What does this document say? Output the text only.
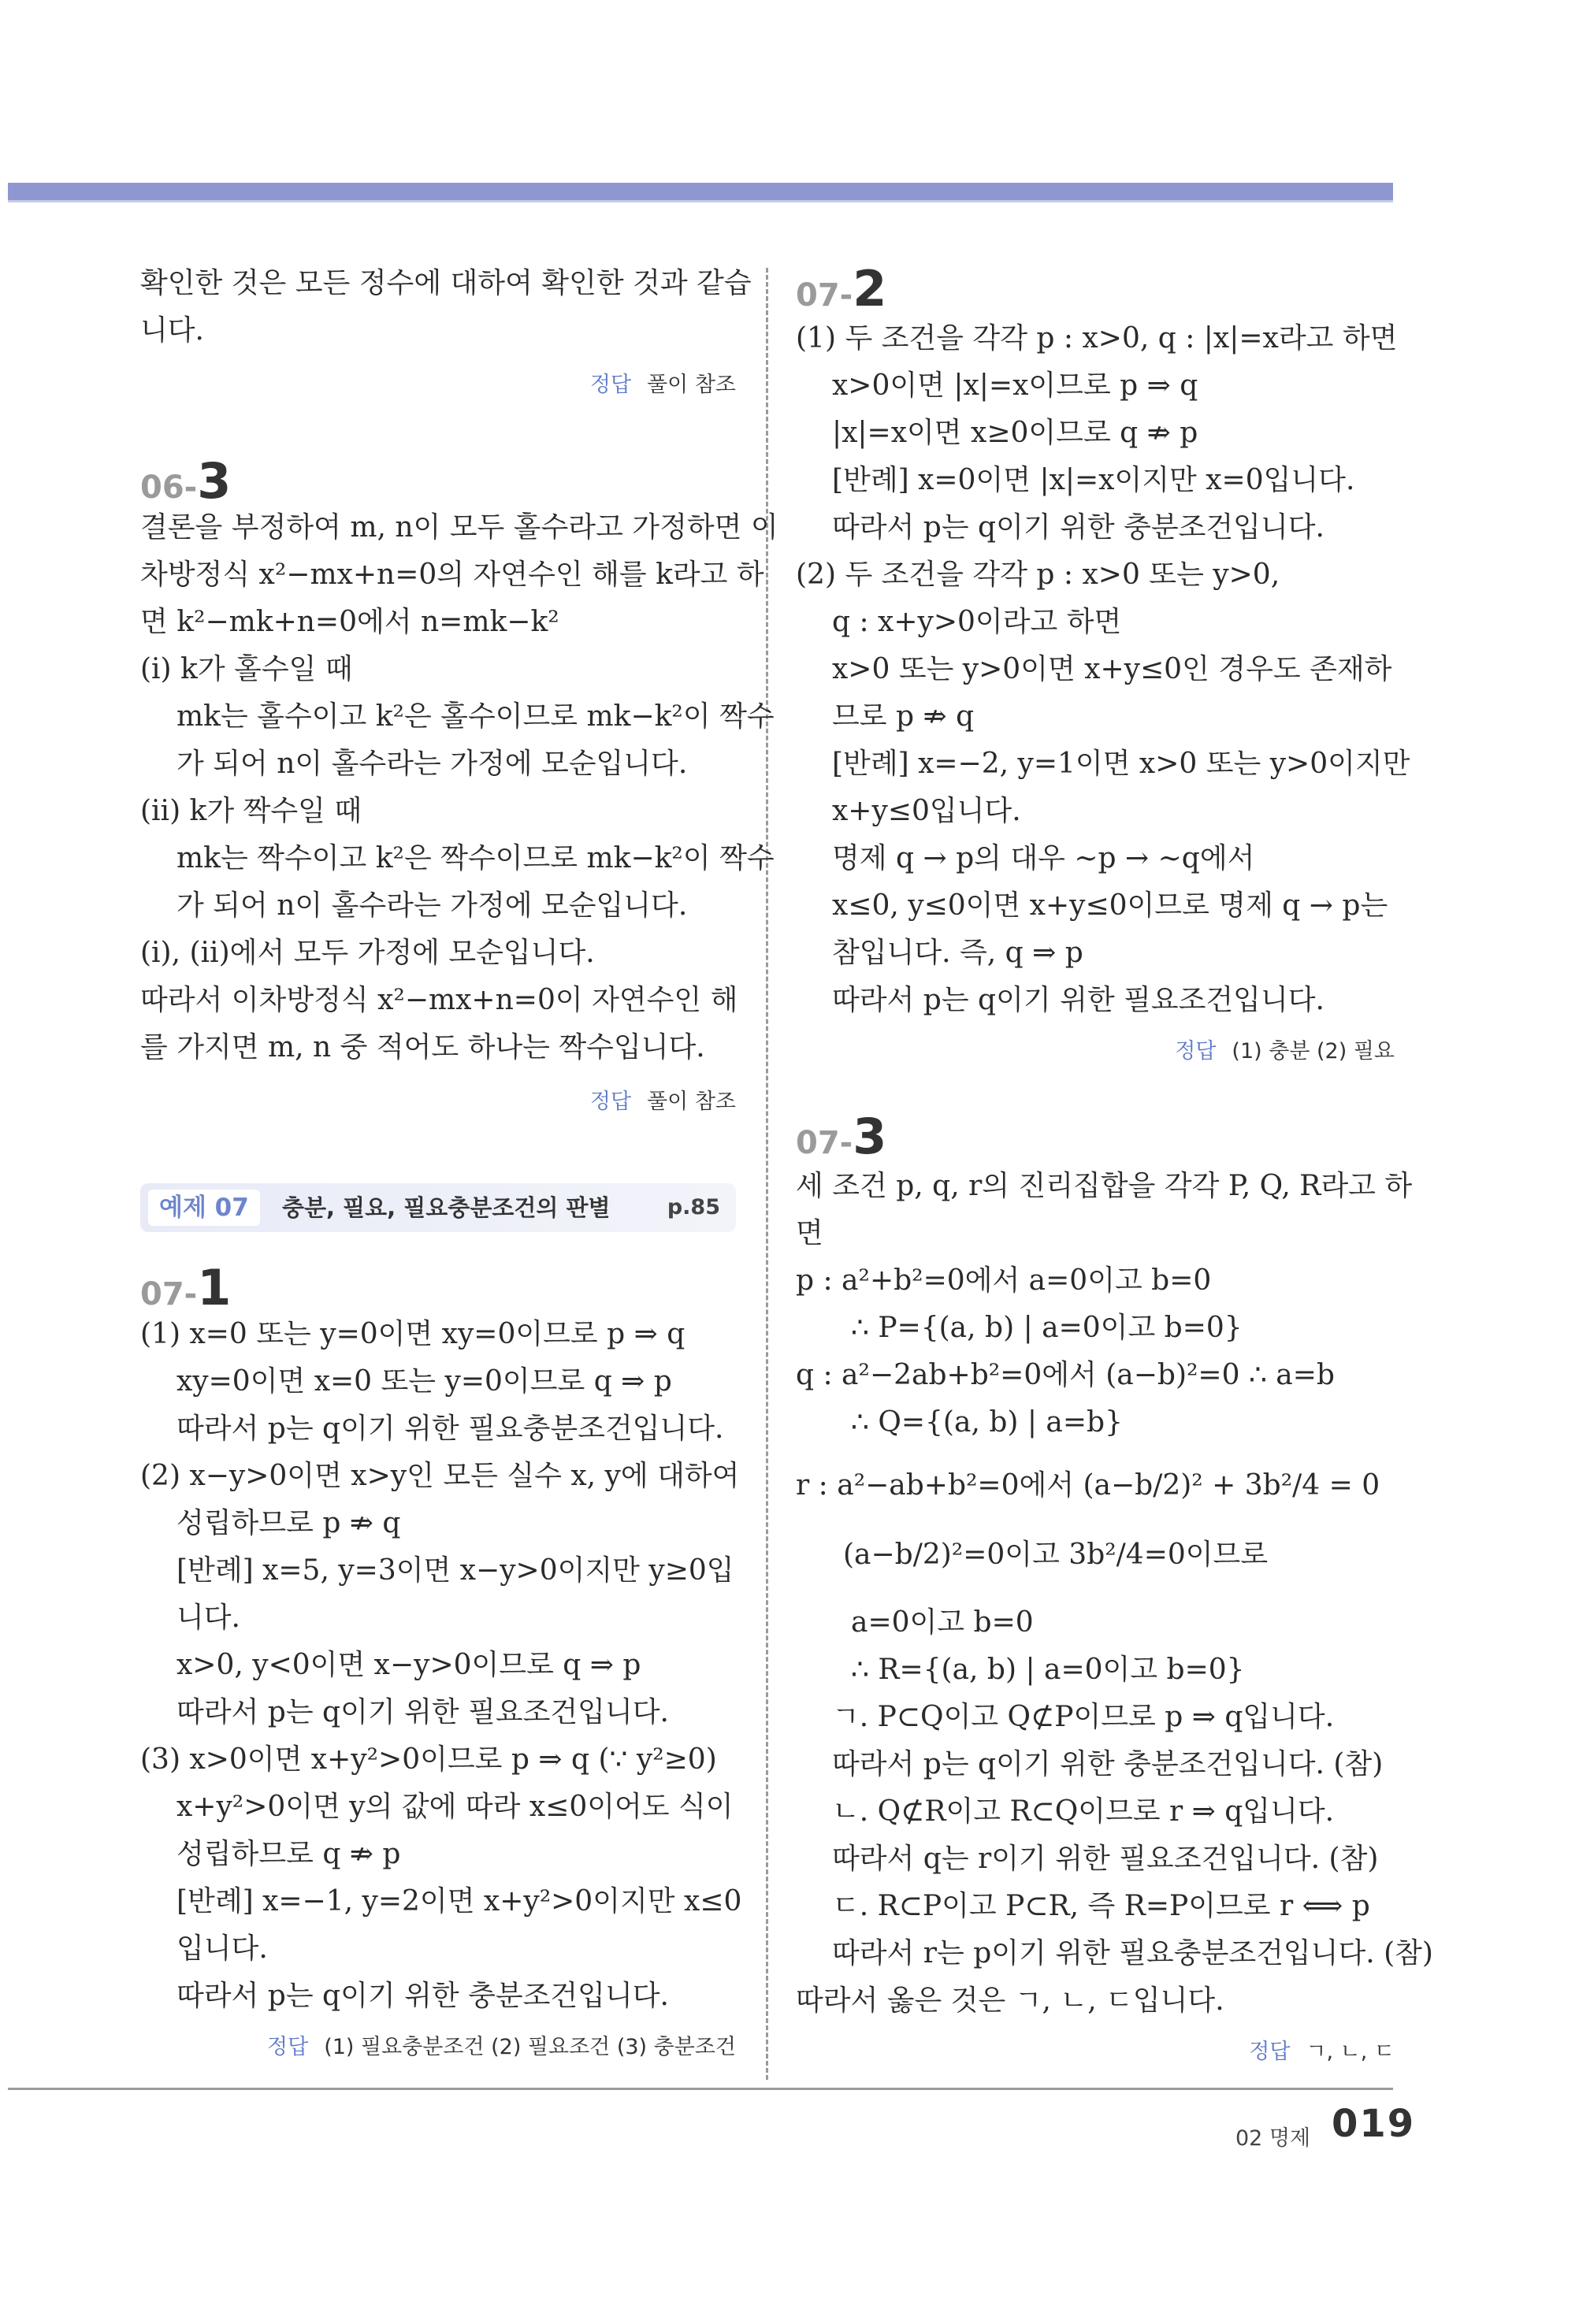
확인한 것은 모든 정수에 대하여 확인한 것과 같습
니다.
정답 풀이 참조
06-3
결론을 부정하여 m, n이 모두 홀수라고 가정하면 이
차방정식 x²−mx+n=0의 자연수인 해를 k라고 하
면 k²−mk+n=0에서 n=mk−k²
(ⅰ) k가 홀수일 때
mk는 홀수이고 k²은 홀수이므로 mk−k²이 짝수
가 되어 n이 홀수라는 가정에 모순입니다.
(ⅱ) k가 짝수일 때
mk는 짝수이고 k²은 짝수이므로 mk−k²이 짝수
가 되어 n이 홀수라는 가정에 모순입니다.
(ⅰ), (ⅱ)에서 모두 가정에 모순입니다.
따라서 이차방정식 x²−mx+n=0이 자연수인 해
를 가지면 m, n 중 적어도 하나는 짝수입니다.
정답 풀이 참조
예제 07	충분, 필요, 필요충분조건의 판별	p.85
07-1
(1) x=0 또는 y=0이면 xy=0이므로 p ⇒ q
xy=0이면 x=0 또는 y=0이므로 q ⇒ p
따라서 p는 q이기 위한 필요충분조건입니다.
(2) x−y>0이면 x>y인 모든 실수 x, y에 대하여
성립하므로 p ⇏ q
[반례] x=5, y=3이면 x−y>0이지만 y≥0입
니다.
x>0, y<0이면 x−y>0이므로 q ⇒ p
따라서 p는 q이기 위한 필요조건입니다.
(3) x>0이면 x+y²>0이므로 p ⇒ q (∵ y²≥0)
x+y²>0이면 y의 값에 따라 x≤0이어도 식이
성립하므로 q ⇏ p
[반례] x=−1, y=2이면 x+y²>0이지만 x≤0
입니다.
따라서 p는 q이기 위한 충분조건입니다.
정답 (1) 필요충분조건 (2) 필요조건 (3) 충분조건
07-2
(1) 두 조건을 각각 p : x>0, q : |x|=x라고 하면
x>0이면 |x|=x이므로 p ⇒ q
|x|=x이면 x≥0이므로 q ⇏ p
[반례] x=0이면 |x|=x이지만 x=0입니다.
따라서 p는 q이기 위한 충분조건입니다.
(2) 두 조건을 각각 p : x>0 또는 y>0,
q : x+y>0이라고 하면
x>0 또는 y>0이면 x+y≤0인 경우도 존재하
므로 p ⇏ q
[반례] x=−2, y=1이면 x>0 또는 y>0이지만
x+y≤0입니다.
명제 q → p의 대우 ∼p → ∼q에서
x≤0, y≤0이면 x+y≤0이므로 명제 q → p는
참입니다. 즉, q ⇒ p
따라서 p는 q이기 위한 필요조건입니다.
정답 (1) 충분 (2) 필요
07-3
세 조건 p, q, r의 진리집합을 각각 P, Q, R라고 하
면
p : a²+b²=0에서 a=0이고 b=0
∴ P={(a, b) | a=0이고 b=0}
q : a²−2ab+b²=0에서 (a−b)²=0 ∴ a=b
∴ Q={(a, b) | a=b}
r : a²−ab+b²=0에서 (a−b/2)² + 3b²/4 = 0
(a−b/2)²=0이고 3b²/4=0이므로
a=0이고 b=0
∴ R={(a, b) | a=0이고 b=0}
ㄱ. P⊂Q이고 Q⊄P이므로 p ⇒ q입니다.
따라서 p는 q이기 위한 충분조건입니다. (참)
ㄴ. Q⊄R이고 R⊂Q이므로 r ⇒ q입니다.
따라서 q는 r이기 위한 필요조건입니다. (참)
ㄷ. R⊂P이고 P⊂R, 즉 R=P이므로 r ⟺ p
따라서 r는 p이기 위한 필요충분조건입니다. (참)
따라서 옳은 것은 ㄱ, ㄴ, ㄷ입니다.
정답 ㄱ, ㄴ, ㄷ
02 명제 019
